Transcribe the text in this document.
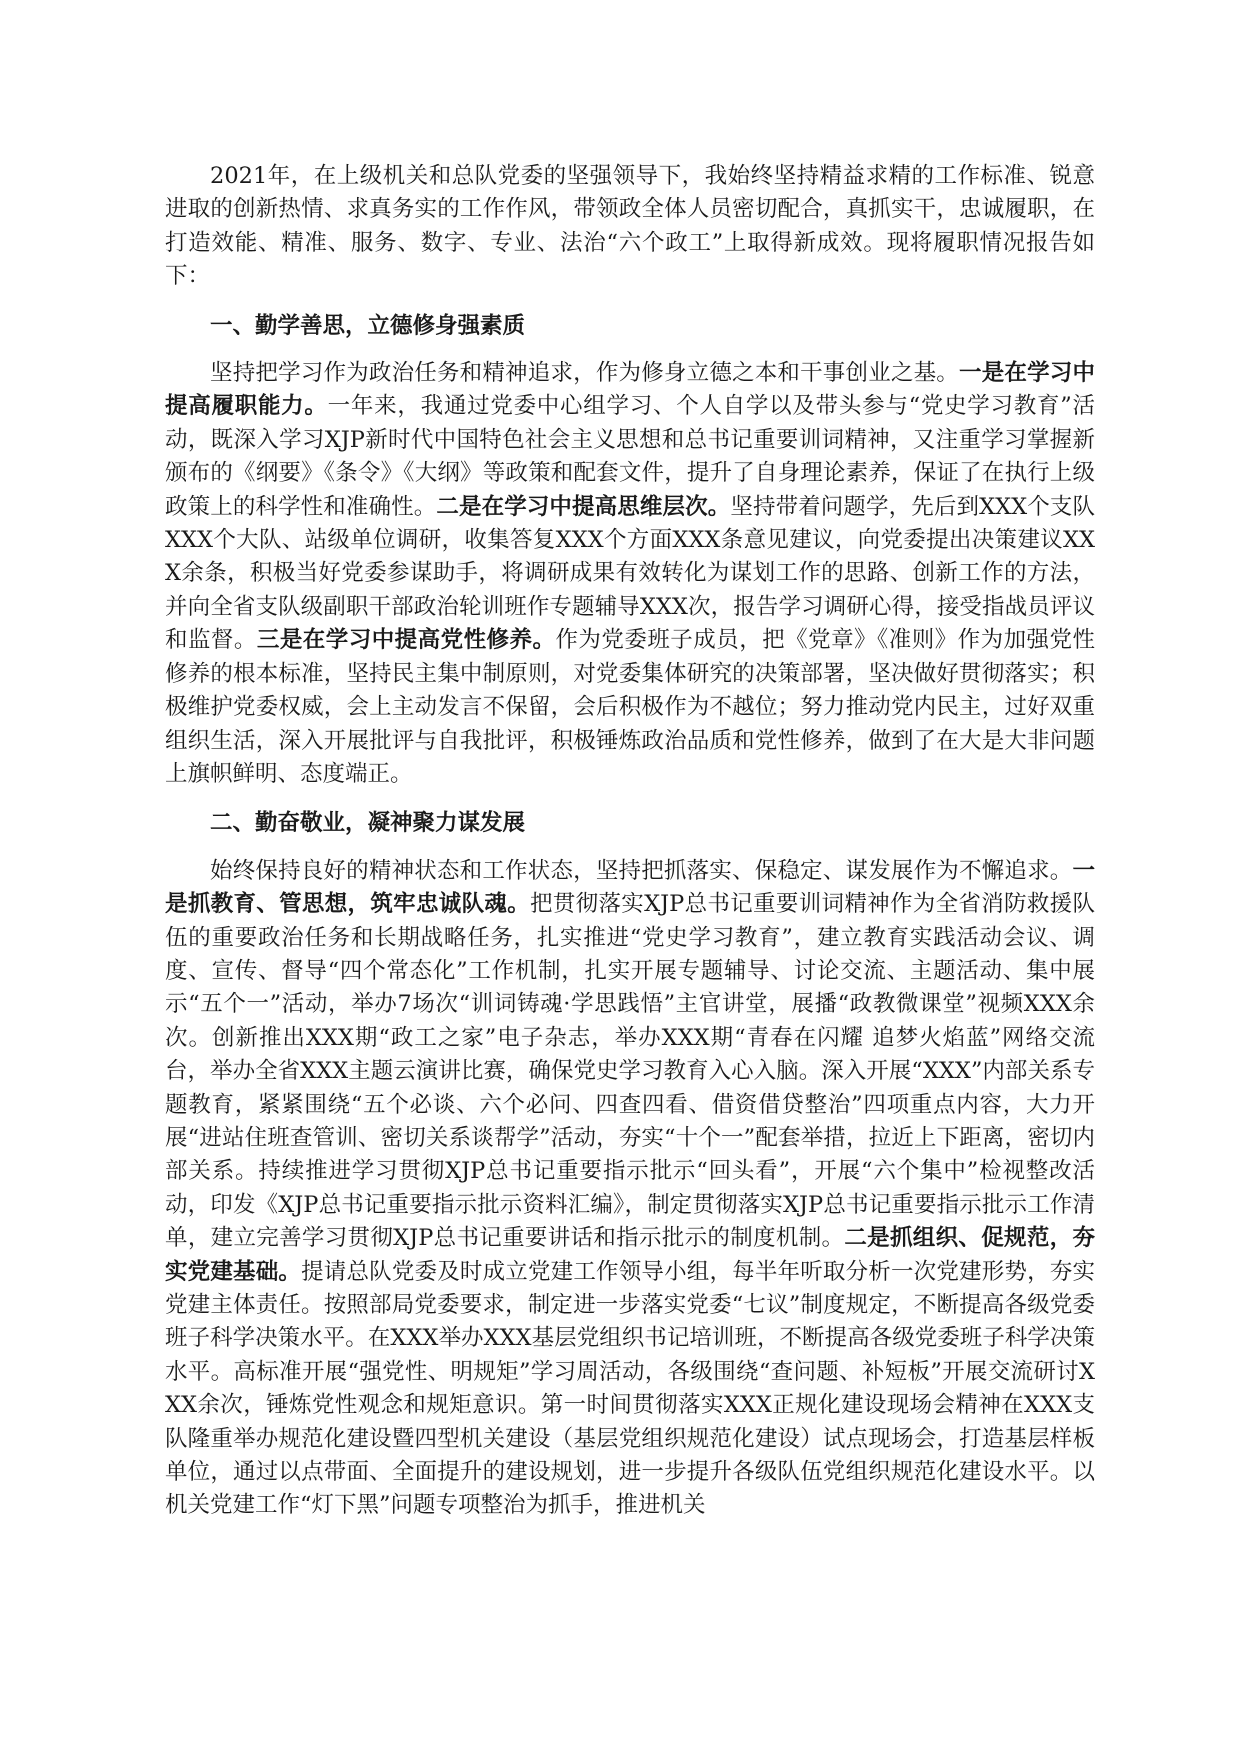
2021年，在上级机关和总队党委的坚强领导下，我始终坚持精益求精的工作标准、锐意进取的创新热情、求真务实的工作作风，带领政全体人员密切配合，真抓实干，忠诚履职，在打造效能、精准、服务、数字、专业、法治“六个政工”上取得新成效。现将履职情况报告如下：

一、勤学善思，立德修身强素质

坚持把学习作为政治任务和精神追求，作为修身立德之本和干事创业之基。一是在学习中提高履职能力。一年来，我通过党委中心组学习、个人自学以及带头参与“党史学习教育”活动，既深入学习XJP新时代中国特色社会主义思想和总书记重要训词精神，又注重学习掌握新颁布的《纲要》《条令》《大纲》等政策和配套文件，提升了自身理论素养，保证了在执行上级政策上的科学性和准确性。二是在学习中提高思维层次。坚持带着问题学，先后到XXX个支队XXX个大队、站级单位调研，收集答复XXX个方面XXX条意见建议，向党委提出决策建议XXX余条，积极当好党委参谋助手，将调研成果有效转化为谋划工作的思路、创新工作的方法，并向全省支队级副职干部政治轮训班作专题辅导XXX次，报告学习调研心得，接受指战员评议和监督。三是在学习中提高党性修养。作为党委班子成员，把《党章》《准则》作为加强党性修养的根本标准，坚持民主集中制原则，对党委集体研究的决策部署，坚决做好贯彻落实；积极维护党委权威，会上主动发言不保留，会后积极作为不越位；努力推动党内民主，过好双重组织生活，深入开展批评与自我批评，积极锤炼政治品质和党性修养，做到了在大是大非问题上旗帜鲜明、态度端正。

二、勤奋敬业，凝神聚力谋发展

始终保持良好的精神状态和工作状态，坚持把抓落实、保稳定、谋发展作为不懈追求。一是抓教育、管思想，筑牢忠诚队魂。把贯彻落实XJP总书记重要训词精神作为全省消防救援队伍的重要政治任务和长期战略任务，扎实推进“党史学习教育”，建立教育实践活动会议、调度、宣传、督导“四个常态化”工作机制，扎实开展专题辅导、讨论交流、主题活动、集中展示“五个一”活动，举办7场次“训词铸魂·学思践悟”主官讲堂，展播“政教微课堂”视频XXX余次。创新推出XXX期“政工之家”电子杂志，举办XXX期“青春在闪耀 追梦火焰蓝”网络交流台，举办全省XXX主题云演讲比赛，确保党史学习教育入心入脑。深入开展“XXX”内部关系专题教育，紧紧围绕“五个必谈、六个必问、四查四看、借资借贷整治”四项重点内容，大力开展“进站住班查管训、密切关系谈帮学”活动，夯实“十个一”配套举措，拉近上下距离，密切内部关系。持续推进学习贯彻XJP总书记重要指示批示“回头看”，开展“六个集中”检视整改活动，印发《XJP总书记重要指示批示资料汇编》，制定贯彻落实XJP总书记重要指示批示工作清单，建立完善学习贯彻XJP总书记重要讲话和指示批示的制度机制。二是抓组织、促规范，夯实党建基础。提请总队党委及时成立党建工作领导小组，每半年听取分析一次党建形势，夯实党建主体责任。按照部局党委要求，制定进一步落实党委“七议”制度规定，不断提高各级党委班子科学决策水平。在XXX举办XXX基层党组织书记培训班，不断提高各级党委班子科学决策水平。高标准开展“强党性、明规矩”学习周活动，各级围绕“查问题、补短板”开展交流研讨XXX余次，锤炼党性观念和规矩意识。第一时间贯彻落实XXX正规化建设现场会精神在XXX支队隆重举办规范化建设暨四型机关建设（基层党组织规范化建设）试点现场会，打造基层样板单位，通过以点带面、全面提升的建设规划，进一步提升各级队伍党组织规范化建设水平。以机关党建工作“灯下黑”问题专项整治为抓手，推进机关
